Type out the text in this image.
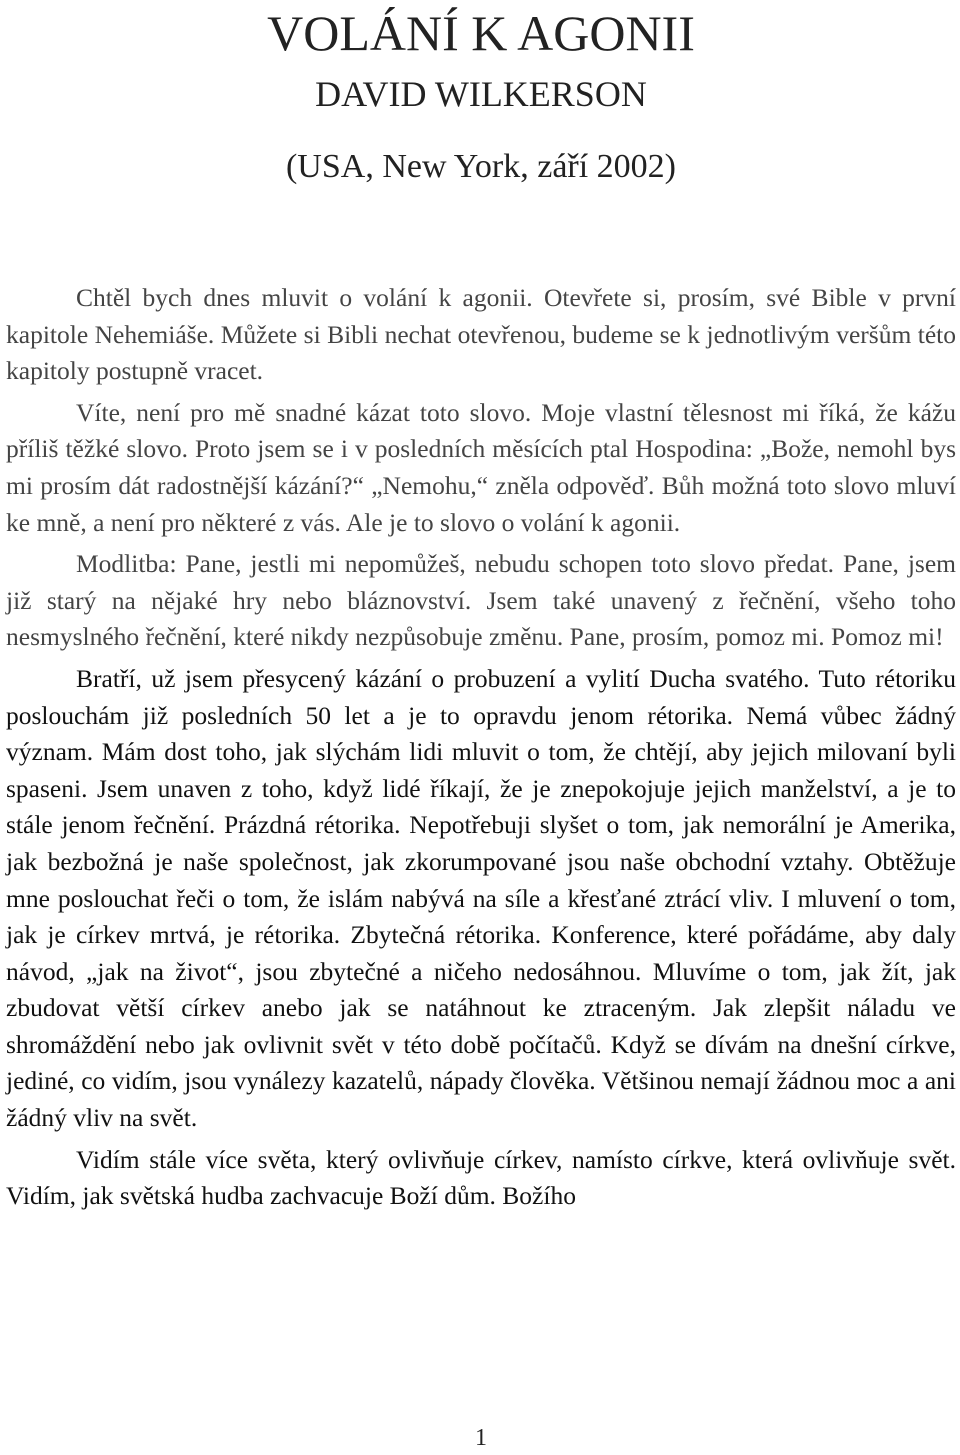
VOLÁNÍ K AGONII
DAVID WILKERSON

(USA, New York, září 2002)

Chtěl bych dnes mluvit o volání k agonii. Otevřete si, prosím, své Bible v první kapitole Nehemiáše. Můžete si Bibli nechat otevřenou, budeme se k jednotlivým veršům této kapitoly postupně vracet.

Víte, není pro mě snadné kázat toto slovo. Moje vlastní tělesnost mi říká, že kážu příliš těžké slovo. Proto jsem se i v posledních měsících ptal Hospodina: „Bože, nemohl bys mi prosím dát radostnější kázání?“ „Nemohu,“ zněla odpověď. Bůh možná toto slovo mluví ke mně, a není pro některé z vás. Ale je to slovo o volání k agonii.

Modlitba: Pane, jestli mi nepomůžeš, nebudu schopen toto slovo předat. Pane, jsem již starý na nějaké hry nebo bláznovství. Jsem také unavený z řečnění, všeho toho nesmyslného řečnění, které nikdy nezpůsobuje změnu. Pane, prosím, pomoz mi. Pomoz mi!

Bratří, už jsem přesycený kázání o probuzení a vylití Ducha svatého. Tuto rétoriku poslouchám již posledních 50 let a je to opravdu jenom rétorika. Nemá vůbec žádný význam. Mám dost toho, jak slýchám lidi mluvit o tom, že chtějí, aby jejich milovaní byli spaseni. Jsem unaven z toho, když lidé říkají, že je znepokojuje jejich manželství, a je to stále jenom řečnění. Prázdná rétorika. Nepotřebuji slyšet o tom, jak nemorální je Amerika, jak bezbožná je naše společnost, jak zkorumpované jsou naše obchodní vztahy. Obtěžuje mne poslouchat řeči o tom, že islám nabývá na síle a křesťané ztrácí vliv. I mluvení o tom, jak je církev mrtvá, je rétorika. Zbytečná rétorika. Konference, které pořádáme, aby daly návod, „jak na život“, jsou zbytečné a ničeho nedosáhnou. Mluvíme o tom, jak žít, jak zbudovat větší církev anebo jak se natáhnout ke ztraceným. Jak zlepšit náladu ve shromáždění nebo jak ovlivnit svět v této době počítačů. Když se dívám na dnešní církve, jediné, co vidím, jsou vynálezy kazatelů, nápady člověka. Většinou nemají žádnou moc a ani žádný vliv na svět.

Vidím stále více světa, který ovlivňuje církev, namísto církve, která ovlivňuje svět. Vidím, jak světská hudba zachvacuje Boží dům. Božího

1
